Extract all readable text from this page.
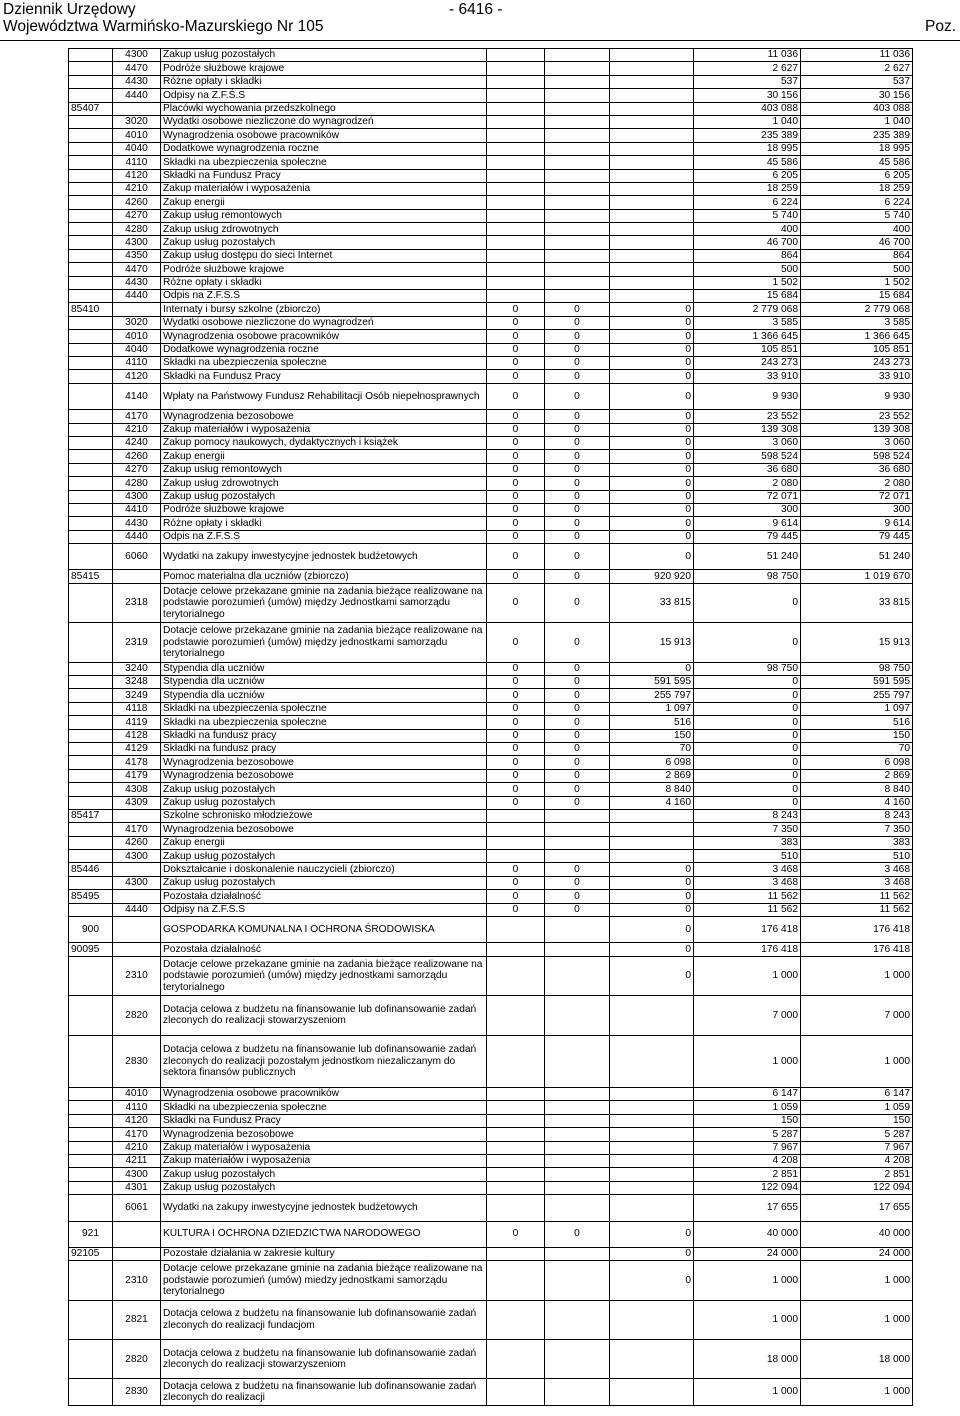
Dziennik Urzędowy
Województwa Warmińsko-Mazurskiego Nr 105
- 6416 -
Poz.
	4300	Zakup usług pozostałych				11 036	11 036
	4470	Podróże służbowe krajowe				2 627	2 627
	4430	Różne opłaty i składki				537	537
	4440	Odpisy na Z.F.Ś.S				30 156	30 156
85407		Placówki wychowania przedszkolnego				403 088	403 088
	3020	Wydatki osobowe niezliczone do wynagrodzeń				1 040	1 040
	4010	Wynagrodzenia osobowe pracowników				235 389	235 389
	4040	Dodatkowe wynagrodzenia roczne				18 995	18 995
	4110	Składki na ubezpieczenia społeczne				45 586	45 586
	4120	Składki na Fundusz Pracy				6 205	6 205
	4210	Zakup materiałów i wyposażenia				18 259	18 259
	4260	Zakup energii				6 224	6 224
	4270	Zakup usług remontowych				5 740	5 740
	4280	Zakup usług zdrowotnych				400	400
	4300	Zakup usług pozostałych				46 700	46 700
	4350	Zakup usług dostępu do sieci Internet				864	864
	4470	Podróże służbowe krajowe				500	500
	4430	Różne opłaty i składki				1 502	1 502
	4440	Odpis na Z.F.S.S				15 684	15 684
85410		Internaty i bursy szkolne (zbiorczo)	0	0	0	2 779 068	2 779 068
	3020	Wydatki osobowe niezliczone do wynagrodzeń	0	0	0	3 585	3 585
	4010	Wynagrodzenia osobowe pracowników	0	0	0	1 366 645	1 366 645
	4040	Dodatkowe wynagrodzenia roczne	0	0	0	105 851	105 851
	4110	Składki na ubezpieczenia społeczne	0	0	0	243 273	243 273
	4120	Składki na Fundusz Pracy	0	0	0	33 910	33 910
	4140	Wpłaty na Państwowy Fundusz Rehabilitacji Osób niepełnosprawnych	0	0	0	9 930	9 930
	4170	Wynagrodzenia bezosobowe	0	0	0	23 552	23 552
	4210	Zakup materiałów i wyposażenia	0	0	0	139 308	139 308
	4240	Zakup pomocy naukowych, dydaktycznych i książek	0	0	0	3 060	3 060
	4260	Zakup energii	0	0	0	598 524	598 524
	4270	Zakup usług remontowych	0	0	0	36 680	36 680
	4280	Zakup usług zdrowotnych	0	0	0	2 080	2 080
	4300	Zakup usług pozostałych	0	0	0	72 071	72 071
	4410	Podróże służbowe krajowe	0	0	0	300	300
	4430	Różne opłaty i składki	0	0	0	9 614	9 614
	4440	Odpis na Z.F.S.S	0	0	0	79 445	79 445
	6060	Wydatki na zakupy inwestycyjne jednostek budżetowych	0	0	0	51 240	51 240
85415		Pomoc materialna dla uczniów (zbiorczo)	0	0	920 920	98 750	1 019 670
	2318	Dotacje celowe przekazane gminie na zadania bieżące realizowane na podstawie porozumień (umów) między Jednostkami samorządu terytorialnego	0	0	33 815	0	33 815
	2319	Dotacje celowe przekazane gminie na zadania bieżące realizowane na podstawie porozumień (umów) między jednostkami samorządu terytorialnego	0	0	15 913	0	15 913
	3240	Stypendia dla uczniów	0	0	0	98 750	98 750
	3248	Stypendia dla uczniów	0	0	591 595	0	591 595
	3249	Stypendia dla uczniów	0	0	255 797	0	255 797
	4118	Składki na ubezpieczenia społeczne	0	0	1 097	0	1 097
	4119	Składki na ubezpieczenia społeczne	0	0	516	0	516
	4128	Składki na fundusz pracy	0	0	150	0	150
	4129	Składki na fundusz pracy	0	0	70	0	70
	4178	Wynagrodzenia bezosobowe	0	0	6 098	0	6 098
	4179	Wynagrodzenia bezosobowe	0	0	2 869	0	2 869
	4308	Zakup usług pozostałych	0	0	8 840	0	8 840
	4309	Zakup usług pozostałych	0	0	4 160	0	4 160
85417		Szkolne schronisko młodzieżowe				8 243	8 243
	4170	Wynagrodzenia bezosobowe				7 350	7 350
	4260	Zakup energii				383	383
	4300	Zakup usług pozostałych				510	510
85446		Dokształcanie i doskonalenie nauczycieli (zbiorczo)	0	0	0	3 468	3 468
	4300	Zakup usług pozostałych	0	0	0	3 468	3 468
85495		Pozostała działalność	0	0	0	11 562	11 562
	4440	Odpisy na Z.F.Ś.S	0	0	0	11 562	11 562
900		GOSPODARKA KOMUNALNA I OCHRONA ŚRODOWISKA			0	176 418	176 418
90095		Pozostała działalność			0	176 418	176 418
	2310	Dotacje celowe przekazane gminie na zadania bieżące realizowane na podstawie porozumień (umów) między jednostkami samorządu terytorialnego			0	1 000	1 000
	2820	Dotacja celowa z budżetu na finansowanie lub dofinansowanie zadań zleconych do realizacji stowarzyszeniom				7 000	7 000
	2830	Dotacja celowa z budżetu na finansowanie lub dofinansowanie zadań zleconych do realizacji pozostałym jednostkom niezaliczanym do sektora finansów publicznych				1 000	1 000
	4010	Wynagrodzenia osobowe pracowników				6 147	6 147
	4110	Składki na ubezpieczenia społeczne				1 059	1 059
	4120	Składki na Fundusz Pracy				150	150
	4170	Wynagrodzenia bezosobowe				5 287	5 287
	4210	Zakup materiałów i wyposażenia				7 967	7 967
	4211	Zakup materiałów i wyposażenia				4 208	4 208
	4300	Zakup usług pozostałych				2 851	2 851
	4301	Zakup usług pozostałych				122 094	122 094
	6061	Wydatki na zakupy inwestycyjne jednostek budżetowych				17 655	17 655
921		KULTURA I OCHRONA DZIEDZICTWA NARODOWEGO	0	0	0	40 000	40 000
92105		Pozostałe działania w zakresie kultury			0	24 000	24 000
	2310	Dotacje celowe przekazane gminie na zadania bieżące realizowane na podstawie porozumień (umów) miedzy jednostkami samorządu terytorialnego			0	1 000	1 000
	2821	Dotacja celowa z budżetu na finansowanie lub dofinansowanie zadań zleconych do realizacji fundacjom				1 000	1 000
	2820	Dotacja celowa z budżetu na finansowanie lub dofinansowanie zadań zleconych do realizacji stowarzyszeniom				18 000	18 000
	2830	Dotacja celowa z budżetu na finansowanie lub dofinansowanie zadań zleconych do realizacji				1 000	1 000
